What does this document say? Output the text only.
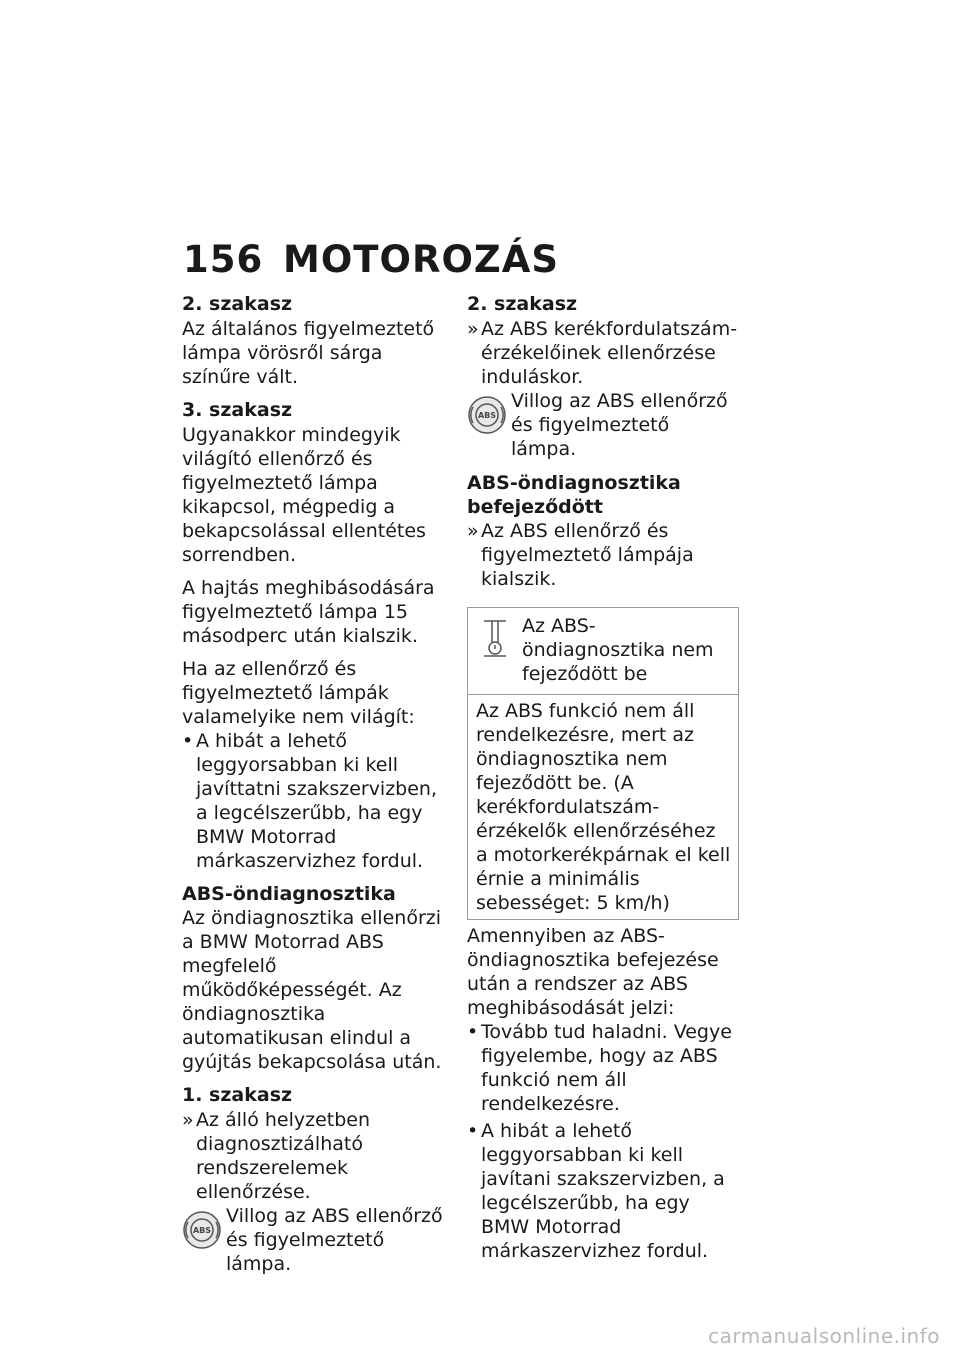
156 MOTOROZÁS

2. szakasz

Az általános figyelmeztető lámpa vörösről sárga színűre vált.

3. szakasz

Ugyanakkor mindegyik világító ellenőrző és figyelmeztető lámpa kikapcsol, mégpedig a bekapcsolással ellentétes sorrendben.

A hajtás meghibásodására figyelmeztető lámpa 15 másodperc után kialszik.

Ha az ellenőrző és figyelmeztető lámpák valamelyike nem világít:

• A hibát a lehető leggyorsabban ki kell javíttatni szakszervizben, a legcélszerűbb, ha egy BMW Motorrad márkaszervizhez fordul.

ABS-öndiagnosztika

Az öndiagnosztika ellenőrzi a BMW Motorrad ABS megfelelő működőképességét. Az öndiagnosztika automatikusan elindul a gyújtás bekapcsolása után.

1. szakasz

» Az álló helyzetben diagnosztizálható rendszerelemek ellenőrzése.
ABS
Villog az ABS ellenőrző és figyelmeztető lámpa.

2. szakasz

» Az ABS kerékfordulatszám-érzékelőinek ellenőrzése induláskor.
ABS
Villog az ABS ellenőrző és figyelmeztető lámpa.

ABS-öndiagnosztika befejeződött

» Az ABS ellenőrző és figyelmeztető lámpája kialszik.
Az ABS-öndiagnosztika nem fejeződött be
Az ABS funkció nem áll rendelkezésre, mert az öndiagnosztika nem fejeződött be. (A kerékfordulatszám-érzékelők ellenőrzéséhez a motorkerékpárnak el kell érnie a minimális sebességet: 5 km/h)

Amennyiben az ABS-öndiagnosztika befejezése után a rendszer az ABS meghibásodását jelzi:

• Tovább tud haladni. Vegye figyelembe, hogy az ABS funkció nem áll rendelkezésre.
• A hibát a lehető leggyorsabban ki kell javítani szakszervizben, a legcélszerűbb, ha egy BMW Motorrad márkaszervizhez fordul.
carmanualsonline.info
